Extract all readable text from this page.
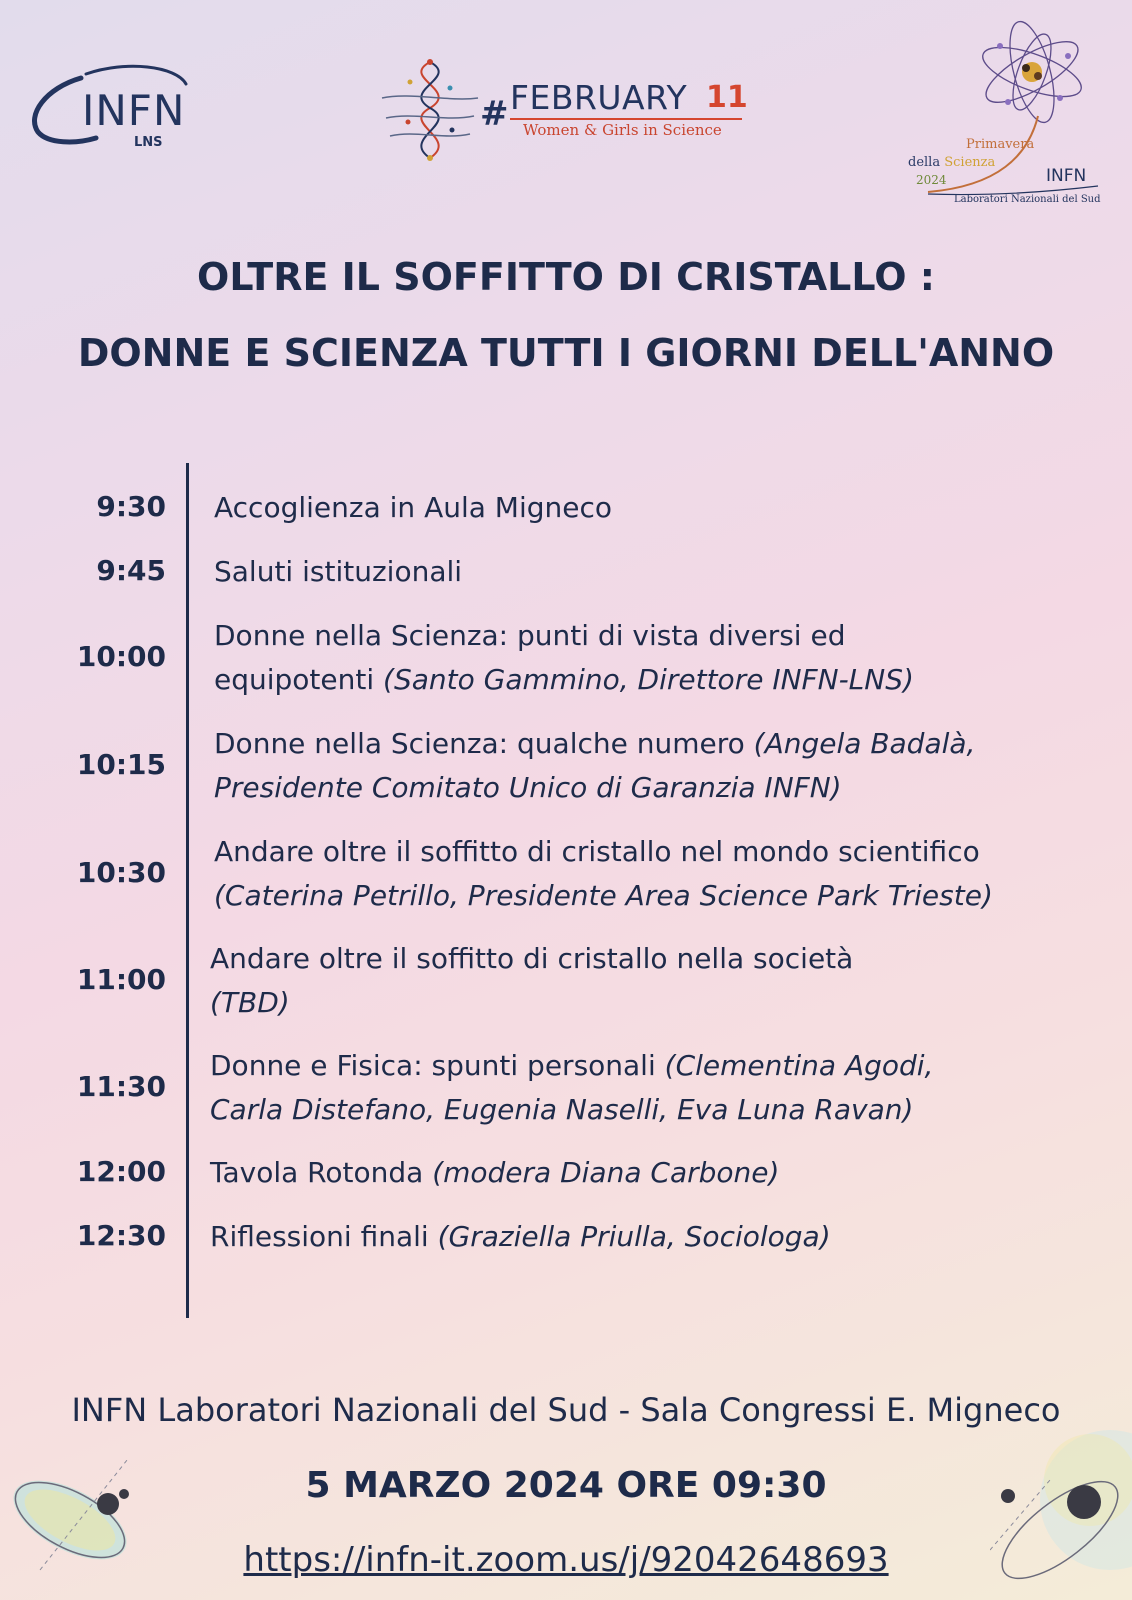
INFN
LNS
# FEBRUARY 11
Women & Girls in Science
Primavera
della Scienza
2024	INFN
Laboratori Nazionali del Sud
OLTRE IL SOFFITTO DI CRISTALLO :
DONNE E SCIENZA TUTTI I GIORNI DELL'ANNO
9:30 Accoglienza in Aula Migneco
9:45 Saluti istituzionali
10:00
Donne nella Scienza: punti di vista diversi ed
equipotenti (Santo Gammino, Direttore INFN-LNS)
10:15
Donne nella Scienza: qualche numero (Angela Badalà,
Presidente Comitato Unico di Garanzia INFN)
10:30
Andare oltre il soffitto di cristallo nel mondo scientifico
(Caterina Petrillo, Presidente Area Science Park Trieste)
11:00
Andare oltre il soffitto di cristallo nella società
(TBD)
11:30
Donne e Fisica: spunti personali (Clementina Agodi,
Carla Distefano, Eugenia Naselli, Eva Luna Ravan)
12:00 Tavola Rotonda (modera Diana Carbone)
12:30 Riflessioni finali (Graziella Priulla, Sociologa)
INFN Laboratori Nazionali del Sud - Sala Congressi E. Migneco
5 MARZO 2024 ORE 09:30
https://infn-it.zoom.us/j/92042648693
